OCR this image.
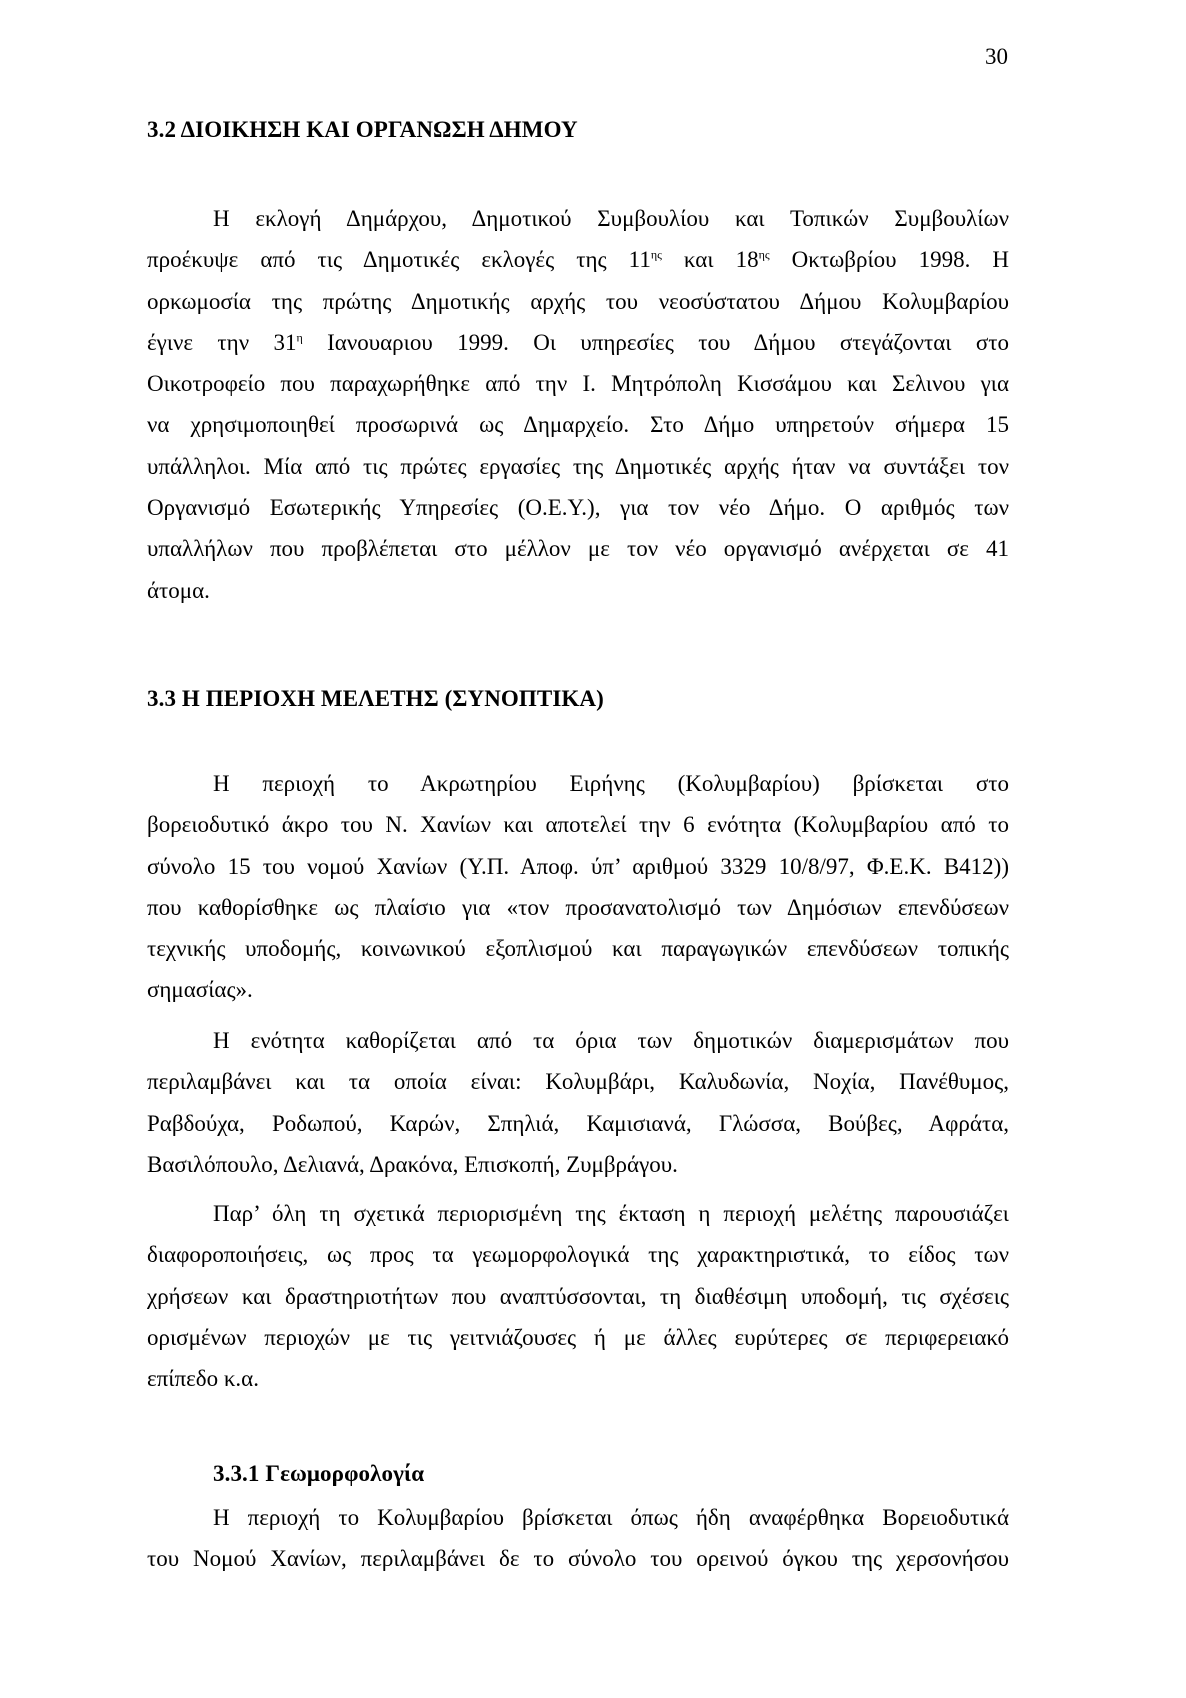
30
3.2 ΔΙΟΙΚΗΣΗ ΚΑΙ ΟΡΓΑΝΩΣΗ ΔΗΜΟΥ
Η εκλογή Δημάρχου, Δημοτικού Συμβουλίου και Τοπικών Συμβουλίων
προέκυψε από τις Δημοτικές εκλογές της $11^{\eta\varsigma}$ και $18^{\eta\varsigma}$ Οκτωβρίου 1998. Η
ορκωμοσία της πρώτης Δημοτικής αρχής του νεοσύστατου Δήμου Κολυμβαρίου
έγινε την $31^\eta$ Ιανουαριου 1999. Οι υπηρεσίες του Δήμου στεγάζονται στο
Οικοτροφείο που παραχωρήθηκε από την Ι. Μητρόπολη Κισσάμου και Σελινου για
να χρησιμοποιηθεί προσωρινά ως Δημαρχείο. Στο Δήμο υπηρετούν σήμερα 15
υπάλληλοι. Μία από τις πρώτες εργασίες της Δημοτικές αρχής ήταν να συντάξει τον
Οργανισμό Εσωτερικής Υπηρεσίες (Ο.Ε.Υ.), για τον νέο Δήμο. Ο αριθμός των
υπαλλήλων που προβλέπεται στο μέλλον με τον νέο οργανισμό ανέρχεται σε 41
άτομα.
3.3 Η ΠΕΡΙΟΧΗ ΜΕΛΕΤΗΣ (ΣΥΝΟΠΤΙΚΑ)
Η περιοχή το Ακρωτηρίου Ειρήνης (Κολυμβαρίου) βρίσκεται στο
βορειοδυτικό άκρο του Ν. Χανίων και αποτελεί την 6 ενότητα (Κολυμβαρίου από το
σύνολο 15 του νομού Χανίων (Υ.Π. Αποφ. ύπ’ αριθμού 3329 10/8/97, Φ.Ε.Κ. Β412))
που καθορίσθηκε ως πλαίσιο για «τον προσανατολισμό των Δημόσιων επενδύσεων
τεχνικής υποδομής, κοινωνικού εξοπλισμού και παραγωγικών επενδύσεων τοπικής
σημασίας».
Η ενότητα καθορίζεται από τα όρια των δημοτικών διαμερισμάτων που
περιλαμβάνει και τα οποία είναι: Κολυμβάρι, Καλυδωνία, Νοχία, Πανέθυμος,
Ραβδούχα, Ροδωπού, Καρών, Σπηλιά, Καμισιανά, Γλώσσα, Βούβες, Αφράτα,
Βασιλόπουλο, Δελιανά, Δρακόνα, Επισκοπή, Ζυμβράγου.
Παρ’ όλη τη σχετικά περιορισμένη της έκταση η περιοχή μελέτης παρουσιάζει
διαφοροποιήσεις, ως προς τα γεωμορφολογικά της χαρακτηριστικά, το είδος των
χρήσεων και δραστηριοτήτων που αναπτύσσονται, τη διαθέσιμη υποδομή, τις σχέσεις
ορισμένων περιοχών με τις γειτνιάζουσες ή με άλλες ευρύτερες σε περιφερειακό
επίπεδο κ.α.
3.3.1 Γεωμορφολογία
Η περιοχή το Κολυμβαρίου βρίσκεται όπως ήδη αναφέρθηκα Βορειοδυτικά
του Νομού Χανίων, περιλαμβάνει δε το σύνολο του ορεινού όγκου της χερσονήσου
